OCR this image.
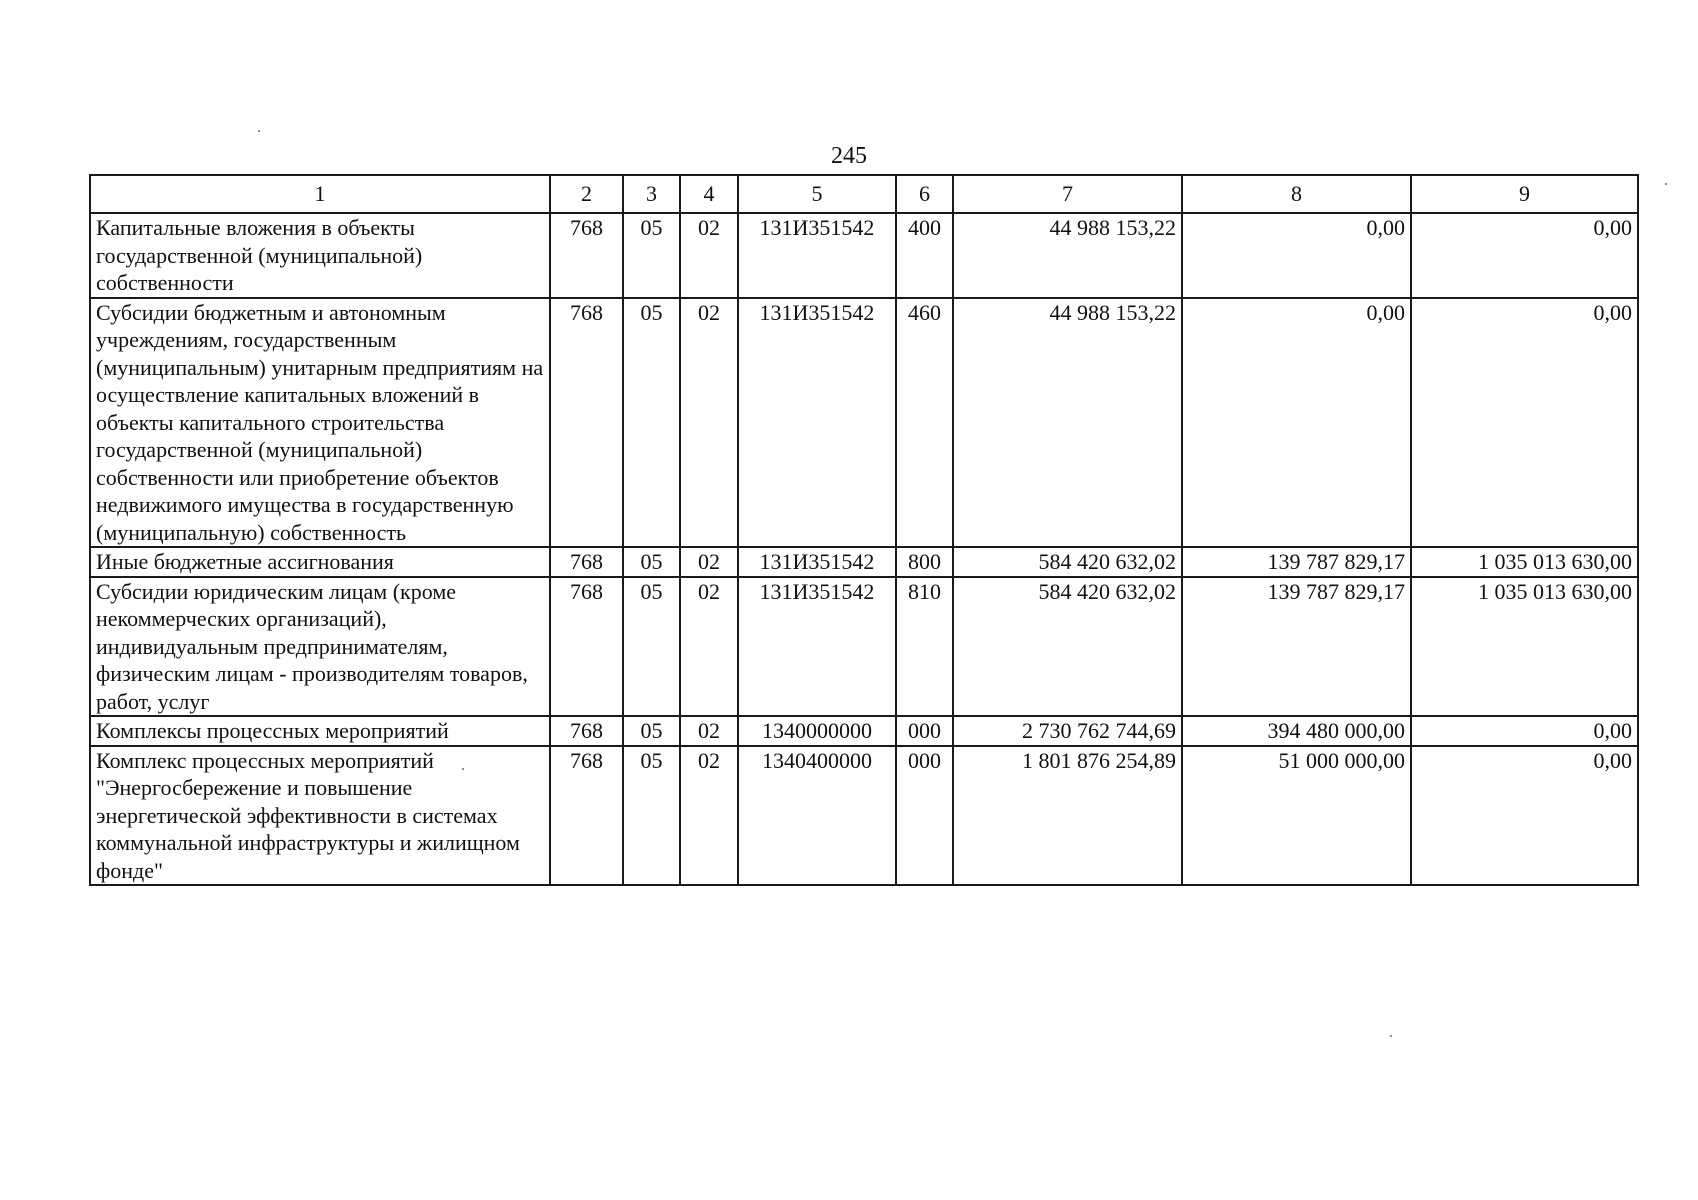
245
1	2	3	4	5	6	7	8	9
Капитальные вложения в объекты государственной (муниципальной) собственности	768	05	02	131И351542	400	44 988 153,22	0,00	0,00
Субсидии бюджетным и автономным учреждениям, государственным (муниципальным) унитарным предприятиям на осуществление капитальных вложений в объекты капитального строительства государственной (муниципальной) собственности или приобретение объектов недвижимого имущества в государственную (муниципальную) собственность	768	05	02	131И351542	460	44 988 153,22	0,00	0,00
Иные бюджетные ассигнования	768	05	02	131И351542	800	584 420 632,02	139 787 829,17	1 035 013 630,00
Субсидии юридическим лицам (кроме некоммерческих организаций), индивидуальным предпринимателям, физическим лицам - производителям товаров, работ, услуг	768	05	02	131И351542	810	584 420 632,02	139 787 829,17	1 035 013 630,00
Комплексы процессных мероприятий	768	05	02	1340000000	000	2 730 762 744,69	394 480 000,00	0,00
Комплекс процессных мероприятий "Энергосбережение и повышение энергетической эффективности в системах коммунальной инфраструктуры и жилищном фонде"	768	05	02	1340400000	000	1 801 876 254,89	51 000 000,00	0,00
